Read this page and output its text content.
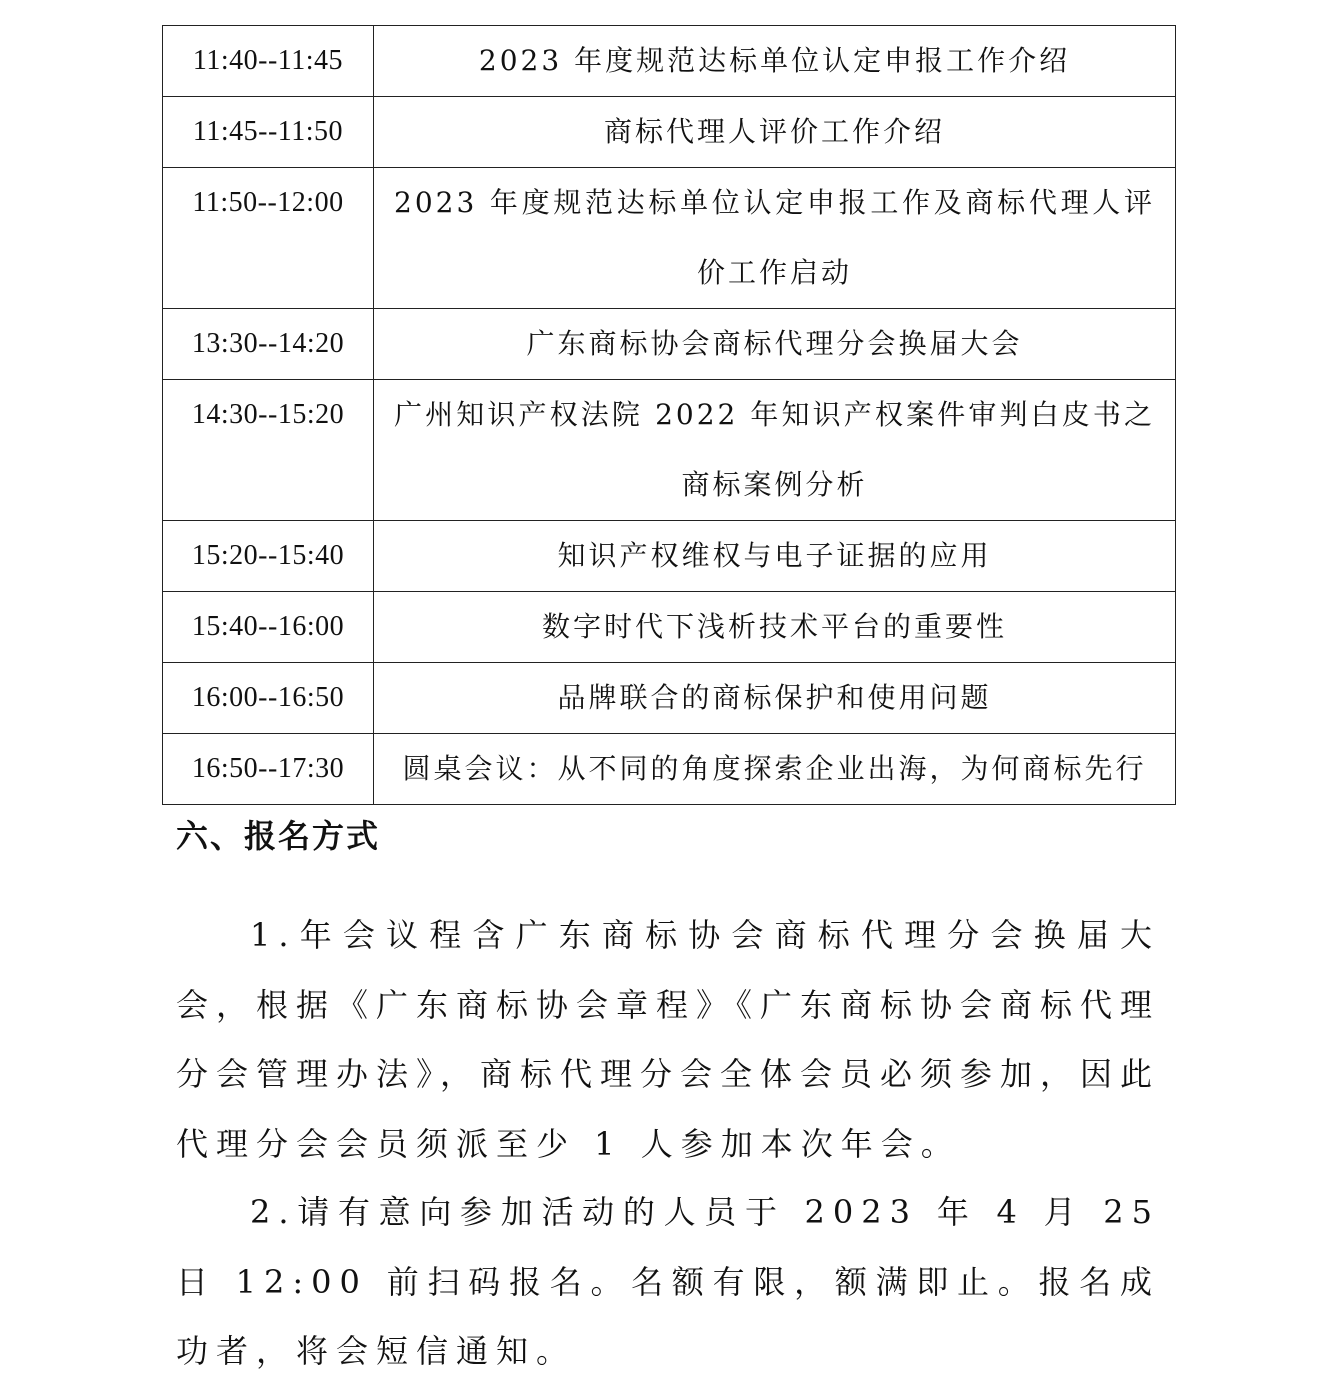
11:40--11:45	2023 年度规范达标单位认定申报工作介绍
11:45--11:50	商标代理人评价工作介绍
11:50--12:00	2023 年度规范达标单位认定申报工作及商标代理人评价工作启动
13:30--14:20	广东商标协会商标代理分会换届大会
14:30--15:20	广州知识产权法院 2022 年知识产权案件审判白皮书之商标案例分析
15:20--15:40	知识产权维权与电子证据的应用
15:40--16:00	数字时代下浅析技术平台的重要性
16:00--16:50	品牌联合的商标保护和使用问题
16:50--17:30	圆桌会议：从不同的角度探索企业出海，为何商标先行
六、报名方式

1.年会议程含广东商标协会商标代理分会换届大会，根据《广东商标协会章程》《广东商标协会商标代理分会管理办法》，商标代理分会全体会员必须参加，因此代理分会会员须派至少 1 人参加本次年会。

2.请有意向参加活动的人员于 2023 年 4 月 25 日 12:00 前扫码报名。名额有限，额满即止。报名成功者，将会短信通知。
